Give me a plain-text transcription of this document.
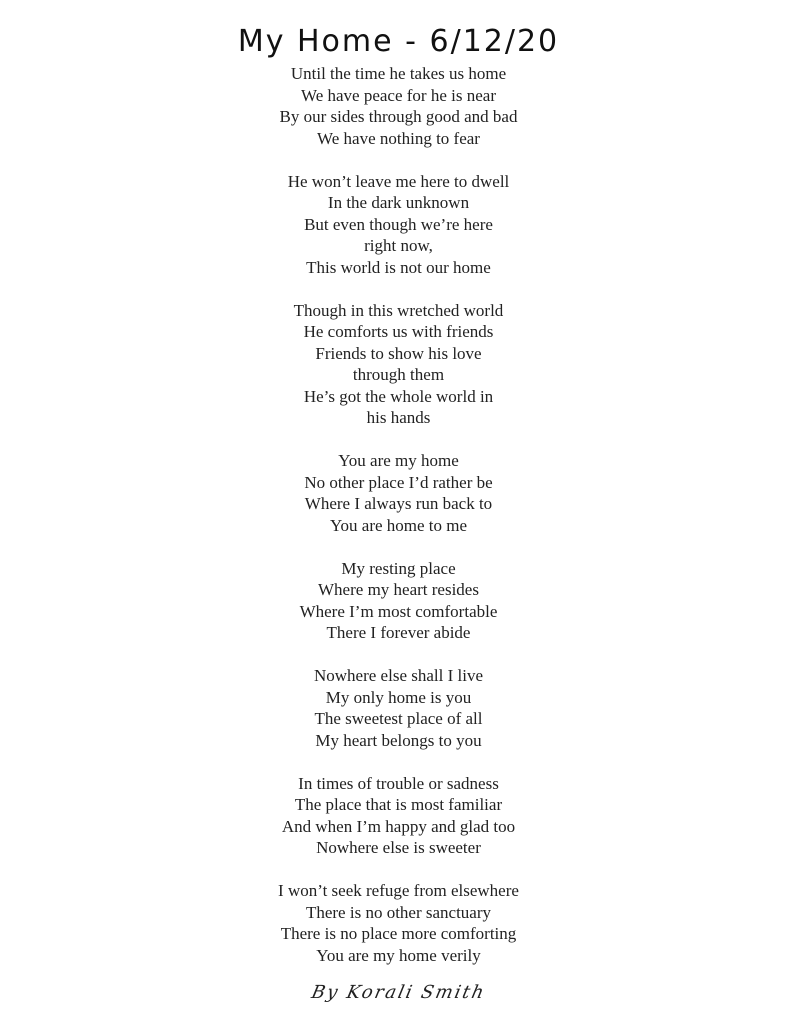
My Home - 6/12/20
Until the time he takes us home
We have peace for he is near
By our sides through good and bad
We have nothing to fear
He won’t leave me here to dwell
In the dark unknown
But even though we’re here
right now,
This world is not our home
Though in this wretched world
He comforts us with friends
Friends to show his love
through them
He’s got the whole world in
his hands
You are my home
No other place I’d rather be
Where I always run back to
You are home to me
My resting place
Where my heart resides
Where I’m most comfortable
There I forever abide
Nowhere else shall I live
My only home is you
The sweetest place of all
My heart belongs to you
In times of trouble or sadness
The place that is most familiar
And when I’m happy and glad too
Nowhere else is sweeter
I won’t seek refuge from elsewhere
There is no other sanctuary
There is no place more comforting
You are my home verily
By Korali Smith
